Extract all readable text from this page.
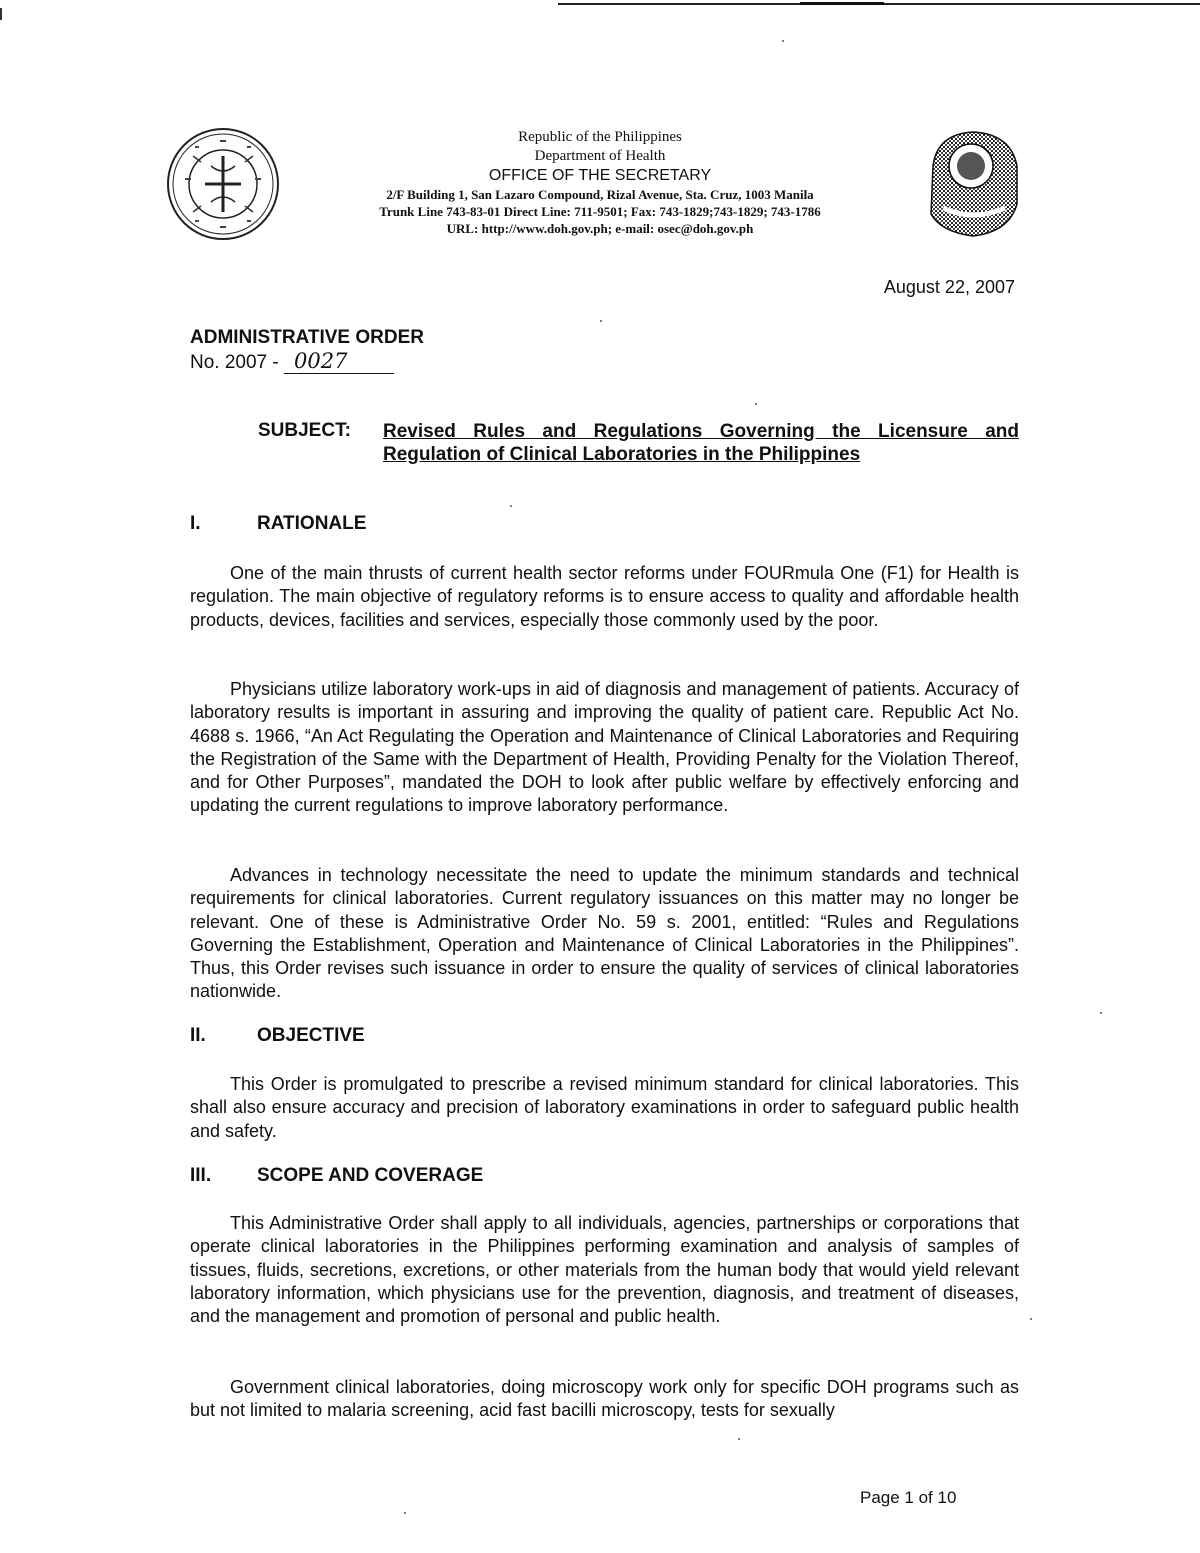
Republic of the Philippines
Department of Health
OFFICE OF THE SECRETARY
2/F Building 1, San Lazaro Compound, Rizal Avenue, Sta. Cruz, 1003 Manila
Trunk Line 743-83-01 Direct Line: 711-9501; Fax: 743-1829;743-1829; 743-1786
URL: http://www.doh.gov.ph; e-mail: osec@doh.gov.ph
August 22, 2007
ADMINISTRATIVE ORDER
No. 2007 - 0027
SUBJECT: Revised Rules and Regulations Governing the Licensure and Regulation of Clinical Laboratories in the Philippines
I.	RATIONALE
One of the main thrusts of current health sector reforms under FOURmula One (F1) for Health is regulation. The main objective of regulatory reforms is to ensure access to quality and affordable health products, devices, facilities and services, especially those commonly used by the poor.
Physicians utilize laboratory work-ups in aid of diagnosis and management of patients. Accuracy of laboratory results is important in assuring and improving the quality of patient care. Republic Act No. 4688 s. 1966, “An Act Regulating the Operation and Maintenance of Clinical Laboratories and Requiring the Registration of the Same with the Department of Health, Providing Penalty for the Violation Thereof, and for Other Purposes”, mandated the DOH to look after public welfare by effectively enforcing and updating the current regulations to improve laboratory performance.
Advances in technology necessitate the need to update the minimum standards and technical requirements for clinical laboratories. Current regulatory issuances on this matter may no longer be relevant. One of these is Administrative Order No. 59 s. 2001, entitled: “Rules and Regulations Governing the Establishment, Operation and Maintenance of Clinical Laboratories in the Philippines”. Thus, this Order revises such issuance in order to ensure the quality of services of clinical laboratories nationwide.
II.	OBJECTIVE
This Order is promulgated to prescribe a revised minimum standard for clinical laboratories. This shall also ensure accuracy and precision of laboratory examinations in order to safeguard public health and safety.
III. SCOPE AND COVERAGE
This Administrative Order shall apply to all individuals, agencies, partnerships or corporations that operate clinical laboratories in the Philippines performing examination and analysis of samples of tissues, fluids, secretions, excretions, or other materials from the human body that would yield relevant laboratory information, which physicians use for the prevention, diagnosis, and treatment of diseases, and the management and promotion of personal and public health.
Government clinical laboratories, doing microscopy work only for specific DOH programs such as but not limited to malaria screening, acid fast bacilli microscopy, tests for sexually
Page 1 of 10
